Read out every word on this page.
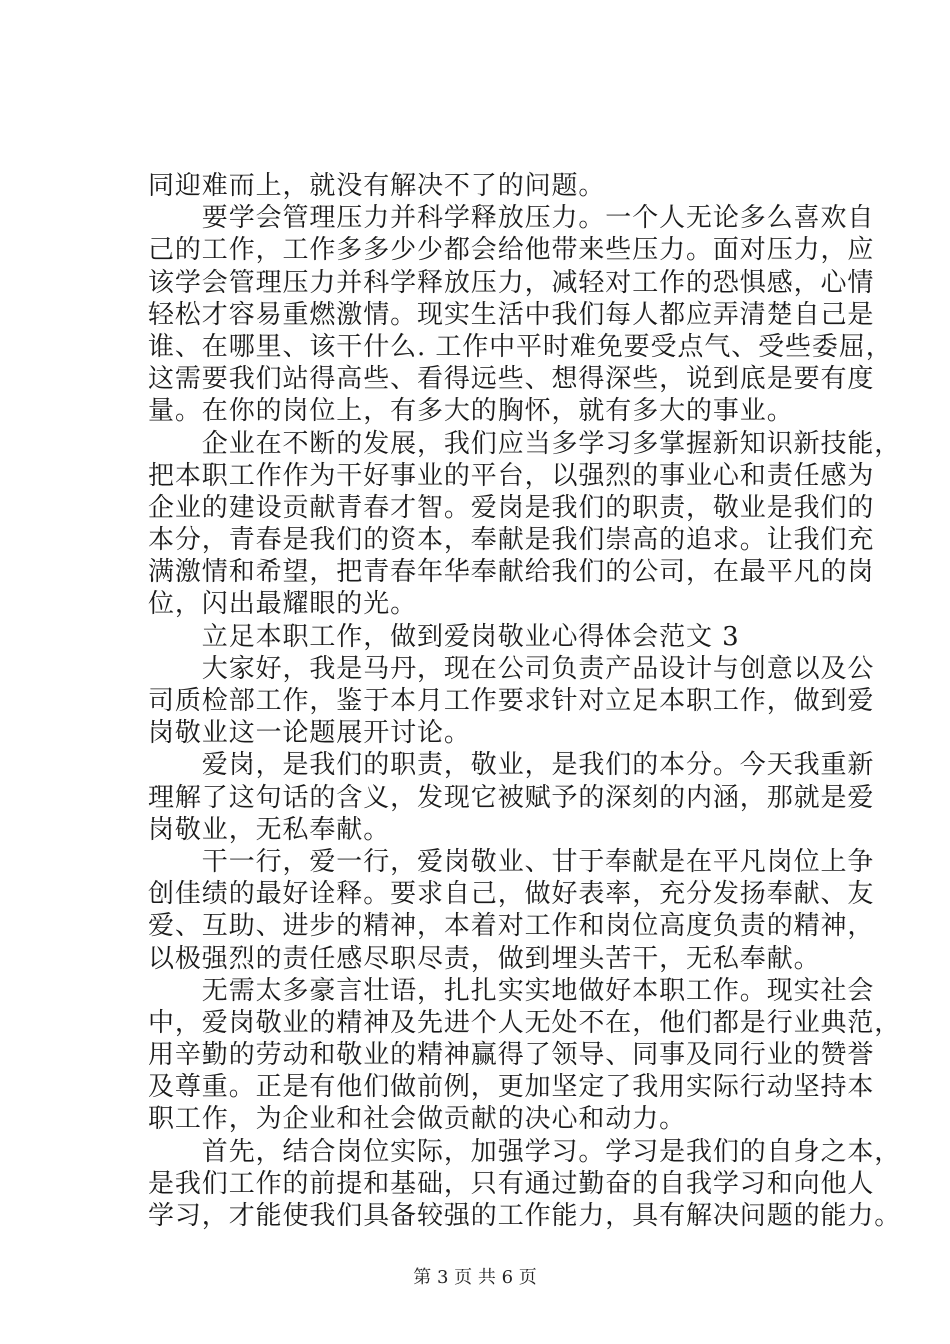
同迎难而上，就没有解决不了的问题。
　　要学会管理压力并科学释放压力。一个人无论多么喜欢自
己的工作，工作多多少少都会给他带来些压力。面对压力，应
该学会管理压力并科学释放压力，减轻对工作的恐惧感，心情
轻松才容易重燃激情。现实生活中我们每人都应弄清楚自己是
谁、在哪里、该干什么. 工作中平时难免要受点气、受些委屈，
这需要我们站得高些、看得远些、想得深些，说到底是要有度
量。在你的岗位上，有多大的胸怀，就有多大的事业。
　　企业在不断的发展，我们应当多学习多掌握新知识新技能，
把本职工作作为干好事业的平台，以强烈的事业心和责任感为
企业的建设贡献青春才智。爱岗是我们的职责，敬业是我们的
本分，青春是我们的资本，奉献是我们崇高的追求。让我们充
满激情和希望，把青春年华奉献给我们的公司，在最平凡的岗
位，闪出最耀眼的光。
　　立足本职工作，做到爱岗敬业心得体会范文 3
　　大家好，我是马丹，现在公司负责产品设计与创意以及公
司质检部工作，鉴于本月工作要求针对立足本职工作，做到爱
岗敬业这一论题展开讨论。
　　爱岗，是我们的职责，敬业，是我们的本分。今天我重新
理解了这句话的含义，发现它被赋予的深刻的内涵，那就是爱
岗敬业，无私奉献。
　　干一行，爱一行，爱岗敬业、甘于奉献是在平凡岗位上争
创佳绩的最好诠释。要求自己，做好表率，充分发扬奉献、友
爱、互助、进步的精神，本着对工作和岗位高度负责的精神，
以极强烈的责任感尽职尽责，做到埋头苦干，无私奉献。
　　无需太多豪言壮语，扎扎实实地做好本职工作。现实社会
中，爱岗敬业的精神及先进个人无处不在，他们都是行业典范，
用辛勤的劳动和敬业的精神赢得了领导、同事及同行业的赞誉
及尊重。正是有他们做前例，更加坚定了我用实际行动坚持本
职工作，为企业和社会做贡献的决心和动力。
　　首先，结合岗位实际，加强学习。学习是我们的自身之本，
是我们工作的前提和基础，只有通过勤奋的自我学习和向他人
学习，才能使我们具备较强的工作能力，具有解决问题的能力。
第 3 页 共 6 页
